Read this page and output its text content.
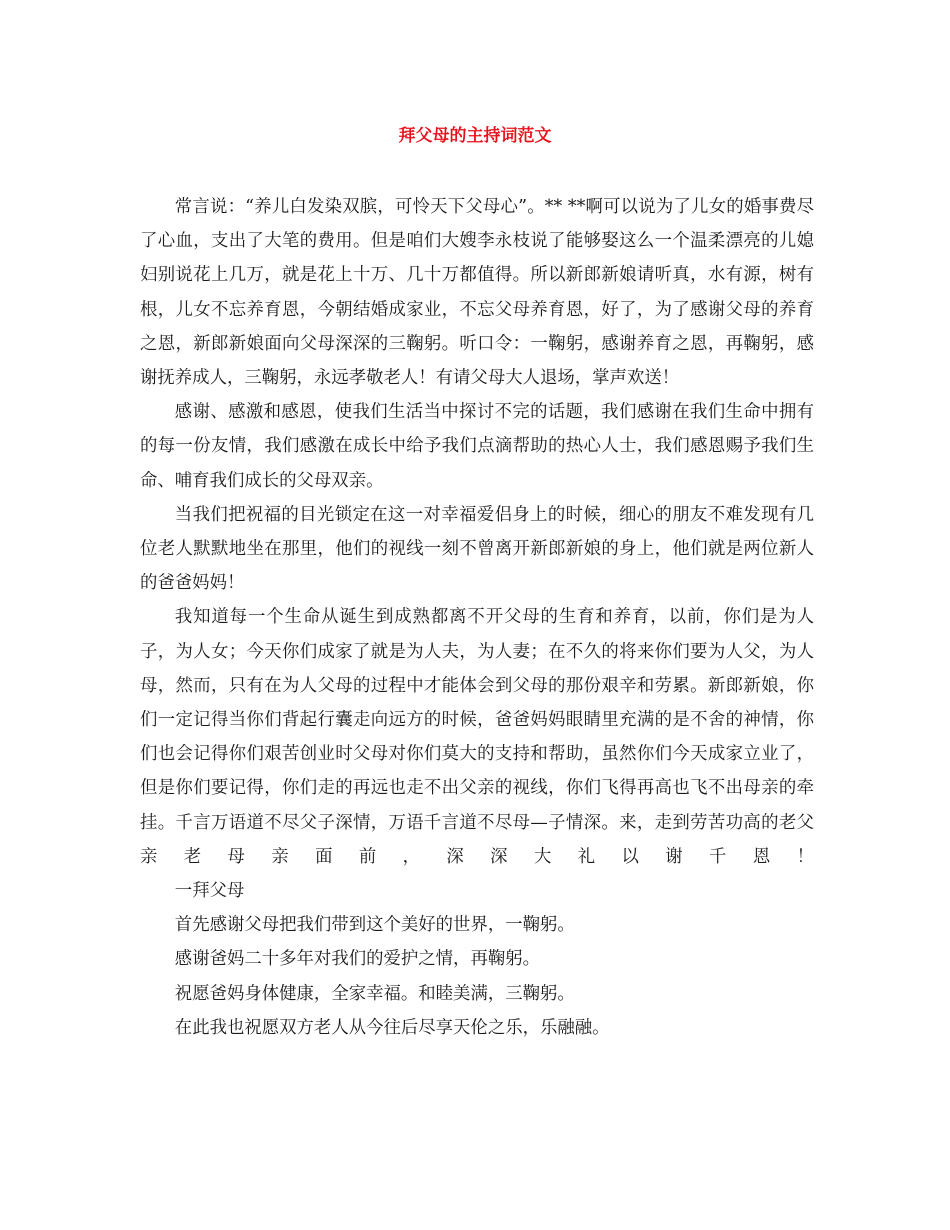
拜父母的主持词范文

常言说：“养儿白发染双膑，可怜天下父母心”。** **啊可以说为了儿女的婚事费尽了心血，支出了大笔的费用。但是咱们大嫂李永枝说了能够娶这么一个温柔漂亮的儿媳妇别说花上几万，就是花上十万、几十万都值得。所以新郎新娘请听真，水有源，树有根，儿女不忘养育恩，今朝结婚成家业，不忘父母养育恩，好了，为了感谢父母的养育之恩，新郎新娘面向父母深深的三鞠躬。听口令：一鞠躬，感谢养育之恩，再鞠躬，感谢抚养成人，三鞠躬，永远孝敬老人！有请父母大人退场，掌声欢送！

感谢、感激和感恩，使我们生活当中探讨不完的话题，我们感谢在我们生命中拥有的每一份友情，我们感激在成长中给予我们点滴帮助的热心人士，我们感恩赐予我们生命、哺育我们成长的父母双亲。

当我们把祝福的目光锁定在这一对幸福爱侣身上的时候，细心的朋友不难发现有几位老人默默地坐在那里，他们的视线一刻不曾离开新郎新娘的身上，他们就是两位新人的爸爸妈妈！

我知道每一个生命从诞生到成熟都离不开父母的生育和养育，以前，你们是为人子，为人女；今天你们成家了就是为人夫，为人妻；在不久的将来你们要为人父，为人母，然而，只有在为人父母的过程中才能体会到父母的那份艰辛和劳累。新郎新娘，你们一定记得当你们背起行囊走向远方的时候，爸爸妈妈眼睛里充满的是不舍的神情，你们也会记得你们艰苦创业时父母对你们莫大的支持和帮助，虽然你们今天成家立业了，但是你们要记得，你们走的再远也走不出父亲的视线，你们飞得再高也飞不出母亲的牵挂。千言万语道不尽父子深情，万语千言道不尽母—子情深。来，走到劳苦功高的老父亲老母亲面前，深深大礼以谢千恩！

一拜父母

首先感谢父母把我们带到这个美好的世界，一鞠躬。

感谢爸妈二十多年对我们的爱护之情，再鞠躬。

祝愿爸妈身体健康，全家幸福。和睦美满，三鞠躬。

在此我也祝愿双方老人从今往后尽享天伦之乐，乐融融。
